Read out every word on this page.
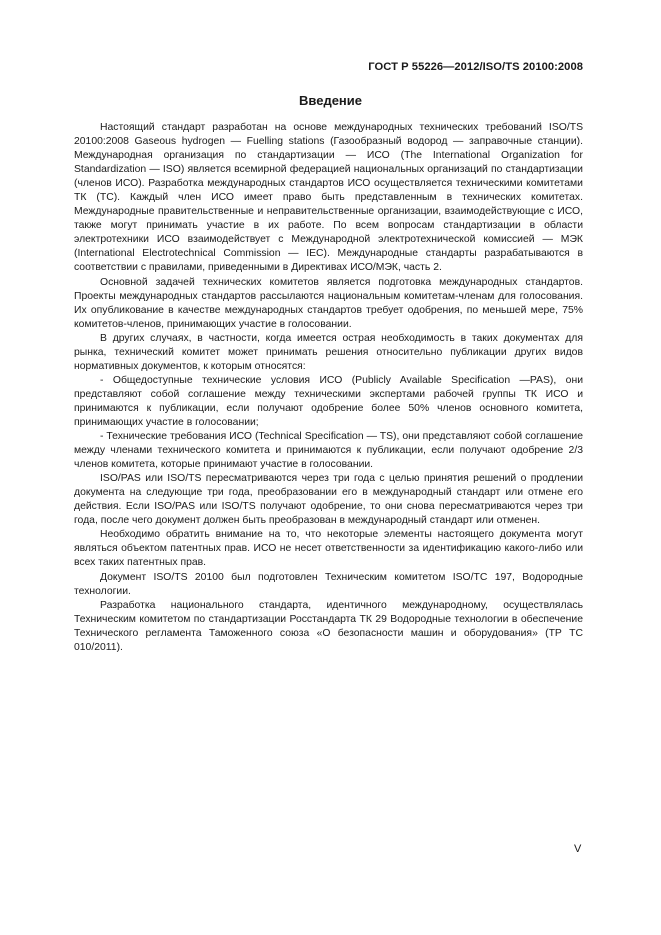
ГОСТ Р 55226—2012/ISO/TS 20100:2008
Введение

Настоящий стандарт разработан на основе международных технических требований ISO/TS 20100:2008 Gaseous hydrogen — Fuelling stations (Газообразный водород — заправочные станции). Международная организация по стандартизации — ИСО (The International Organization for Standardization — ISO) является всемирной федерацией национальных организаций по стандартизации (членов ИСО). Разработка международных стандартов ИСО осуществляется техническими комитетами ТК (TC). Каждый член ИСО имеет право быть представленным в технических комитетах. Международные правительственные и неправительственные организации, взаимодействующие с ИСО, также могут принимать участие в их работе. По всем вопросам стандартизации в области электротехники ИСО взаимодействует с Международной электротехнической комиссией — МЭК (International Electrotechnical Commission — IEC). Международные стандарты разрабатываются в соответствии с правилами, приведенными в Директивах ИСО/МЭК, часть 2.

Основной задачей технических комитетов является подготовка международных стандартов. Проекты международных стандартов рассылаются национальным комитетам-членам для голосования. Их опубликование в качестве международных стандартов требует одобрения, по меньшей мере, 75% комитетов-членов, принимающих участие в голосовании.

В других случаях, в частности, когда имеется острая необходимость в таких документах для рынка, технический комитет может принимать решения относительно публикации других видов нормативных документов, к которым относятся:

- Общедоступные технические условия ИСО (Publicly Available Specification —PAS), они представляют собой соглашение между техническими экспертами рабочей группы ТК ИСО и принимаются к публикации, если получают одобрение более 50% членов основного комитета, принимающих участие в голосовании;

- Технические требования ИСО (Technical Specification — TS), они представляют собой соглашение между членами технического комитета и принимаются к публикации, если получают одобрение 2/3 членов комитета, которые принимают участие в голосовании.

ISO/PAS или ISO/TS пересматриваются через три года с целью принятия решений о продлении документа на следующие три года, преобразовании его в международный стандарт или отмене его действия. Если ISO/PAS или ISO/TS получают одобрение, то они снова пересматриваются через три года, после чего документ должен быть преобразован в международный стандарт или отменен.

Необходимо обратить внимание на то, что некоторые элементы настоящего документа могут являться объектом патентных прав. ИСО не несет ответственности за идентификацию какого-либо или всех таких патентных прав.

Документ ISO/TS 20100 был подготовлен Техническим комитетом ISO/TC 197, Водородные технологии.

Разработка национального стандарта, идентичного международному, осуществлялась Техническим комитетом по стандартизации Росстандарта ТК 29 Водородные технологии в обеспечение Технического регламента Таможенного союза «О безопасности машин и оборудования» (ТР ТС 010/2011).

V
